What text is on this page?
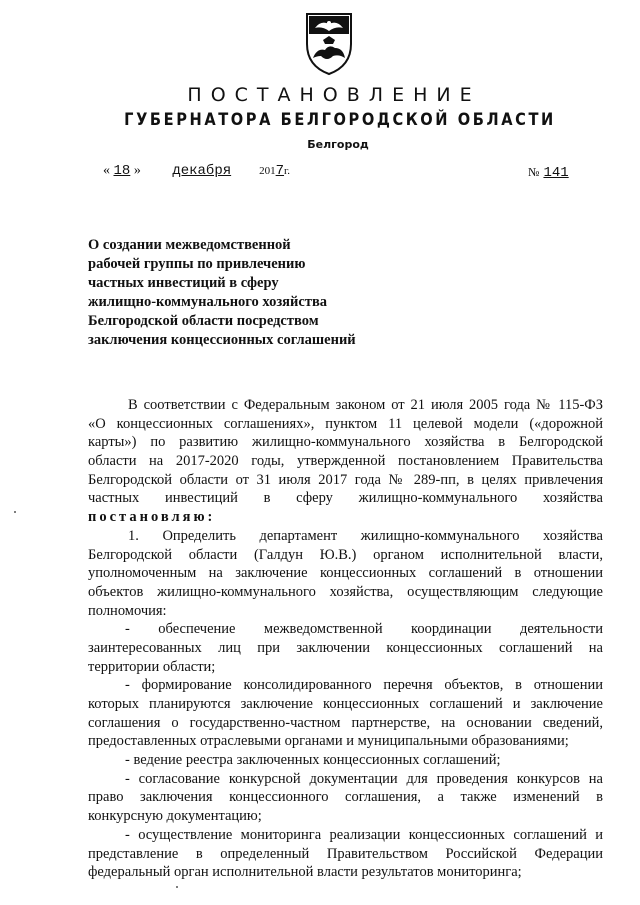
ПОСТАНОВЛЕНИЕ
ГУБЕРНАТОРА БЕЛГОРОДСКОЙ ОБЛАСТИ
Белгород
« 18 » декабря	2017г.	№ 141
О создании межведомственной
рабочей группы по привлечению
частных инвестиций в сферу
жилищно-коммунального хозяйства
Белгородской области посредством
заключения концессионных соглашений
В соответствии с Федеральным законом от 21 июля 2005 года № 115-ФЗ
«О концессионных соглашениях», пунктом 11 целевой модели («дорожной
карты») по развитию жилищно-коммунального хозяйства в Белгородской
области на 2017-2020 годы, утвержденной постановлением Правительства
Белгородской области от 31 июля 2017 года № 289-пп, в целях привлечения
частных инвестиций в сферу жилищно-коммунального хозяйства
постановляю:
1. Определить департамент жилищно-коммунального хозяйства
Белгородской области (Галдун Ю.В.) органом исполнительной власти,
уполномоченным на заключение концессионных соглашений в отношении
объектов жилищно-коммунального хозяйства, осуществляющим следующие
полномочия:
- обеспечение межведомственной координации деятельности
заинтересованных лиц при заключении концессионных соглашений на
территории области;
- формирование консолидированного перечня объектов, в отношении
которых планируются заключение концессионных соглашений и заключение
соглашения о государственно-частном партнерстве, на основании сведений,
предоставленных отраслевыми органами и муниципальными образованиями;
- ведение реестра заключенных концессионных соглашений;
- согласование конкурсной документации для проведения конкурсов на
право заключения концессионного соглашения, а также изменений в
конкурсную документацию;
- осуществление мониторинга реализации концессионных соглашений и
представление в определенный Правительством Российской Федерации
федеральный орган исполнительной власти результатов мониторинга;
